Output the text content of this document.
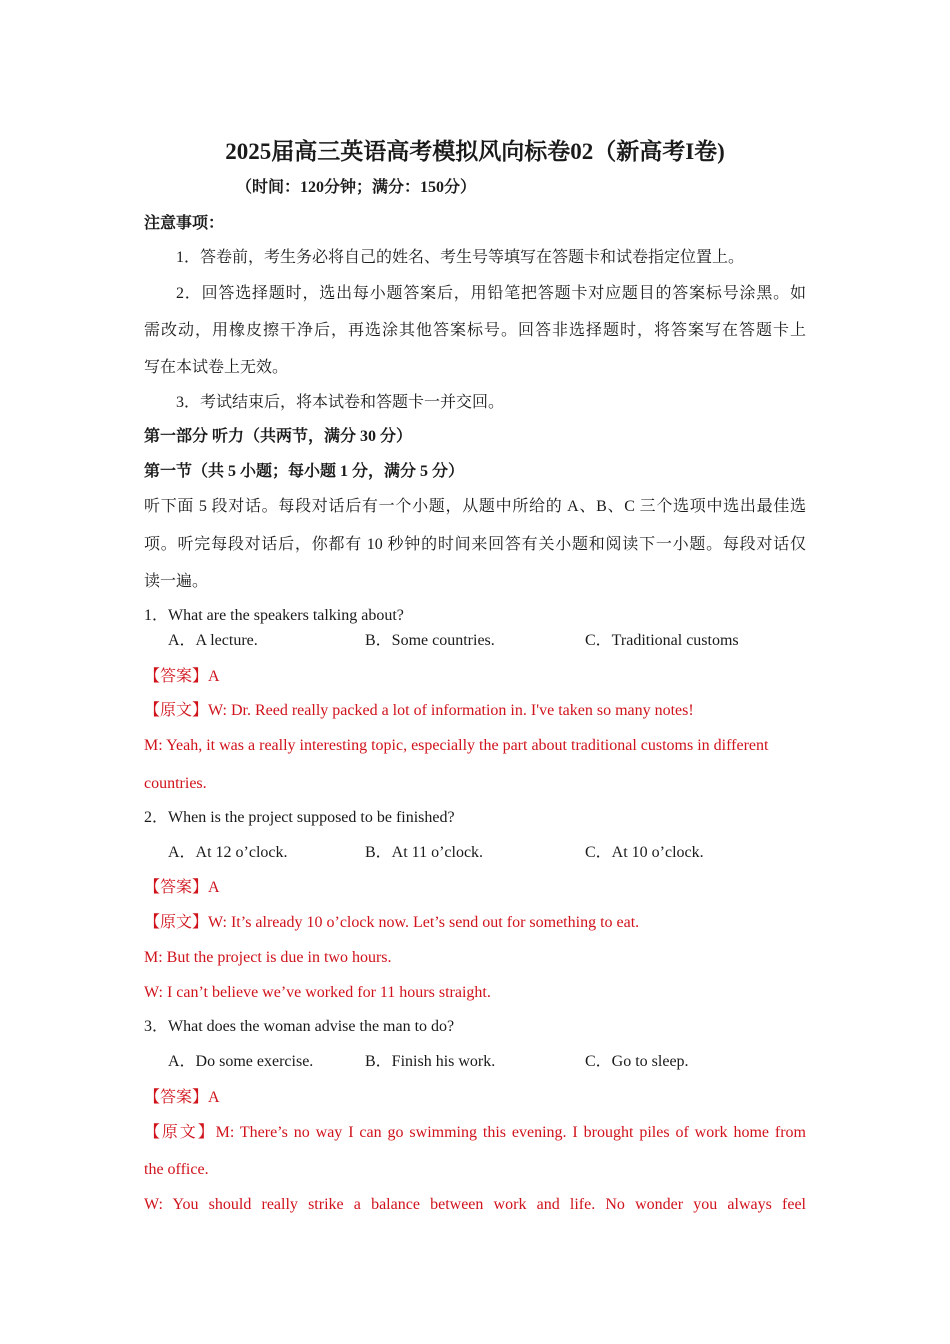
2025届高三英语高考模拟风向标卷02（新高考I卷)
（时间：120分钟；满分：150分）
注意事项：
1．答卷前，考生务必将自己的姓名、考生号等填写在答题卡和试卷指定位置上。
2．回答选择题时，选出每小题答案后，用铅笔把答题卡对应题目的答案标号涂黑。如
需改动，用橡皮擦干净后，再选涂其他答案标号。回答非选择题时，将答案写在答题卡上
写在本试卷上无效。
3．考试结束后，将本试卷和答题卡一并交回。
第一部分 听力（共两节，满分 30 分）
第一节（共 5 小题；每小题 1 分，满分 5 分）
听下面 5 段对话。每段对话后有一个小题，从题中所给的 A、B、C 三个选项中选出最佳选
项。听完每段对话后，你都有 10 秒钟的时间来回答有关小题和阅读下一小题。每段对话仅
读一遍。
1．What are the speakers talking about?
A．A lecture.	B．Some countries.	C．Traditional customs
【答案】A
【原文】W: Dr. Reed really packed a lot of information in. I've taken so many notes!
M: Yeah, it was a really interesting topic, especially the part about traditional customs in different
countries.
2．When is the project supposed to be finished?
A．At 12 o’clock.	B．At 11 o’clock.	C．At 10 o’clock.
【答案】A
【原文】W: It’s already 10 o’clock now. Let’s send out for something to eat.
M: But the project is due in two hours.
W: I can’t believe we’ve worked for 11 hours straight.
3．What does the woman advise the man to do?
A．Do some exercise.	B．Finish his work.	C．Go to sleep.
【答案】A
【原文】M: There’s no way I can go swimming this evening. I brought piles of work home from
the office.
W: You should really strike a balance between work and life. No wonder you always feel
